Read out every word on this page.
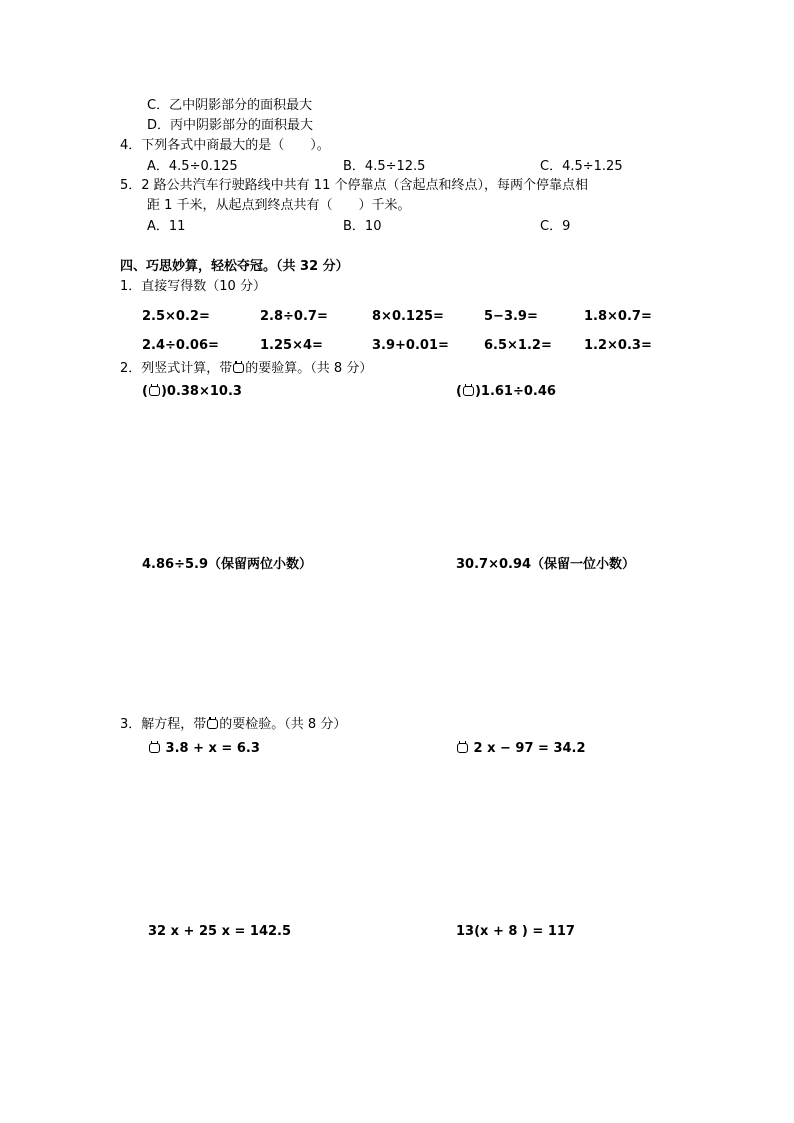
C．乙中阴影部分的面积最大
D．丙中阴影部分的面积最大
4．下列各式中商最大的是（　　）。
A．4.5÷0.125	B．4.5÷12.5	C．4.5÷1.25
5．2 路公共汽车行驶路线中共有 11 个停靠点（含起点和终点），每两个停靠点相
距 1 千米，从起点到终点共有（　　）千米。
A．11	B．10	C．9
四、巧思妙算，轻松夺冠。（共 32 分）
1．直接写得数（10 分）
2.5×0.2=	2.8÷0.7=	8×0.125=	5−3.9=	1.8×0.7=
2.4÷0.06=	1.25×4=	3.9+0.01=	6.5×1.2= 1.2×0.3=
2．列竖式计算，带 的要验算。（共 8 分）
( )0.38×10.3	( )1.61÷0.46
4.86÷5.9（保留两位小数）	30.7×0.94（保留一位小数）
3．解方程，带 的要检验。（共 8 分）
3.8 + x = 6.3	2 x − 97 = 34.2
32 x + 25 x = 142.5	13(x + 8 ) = 117
